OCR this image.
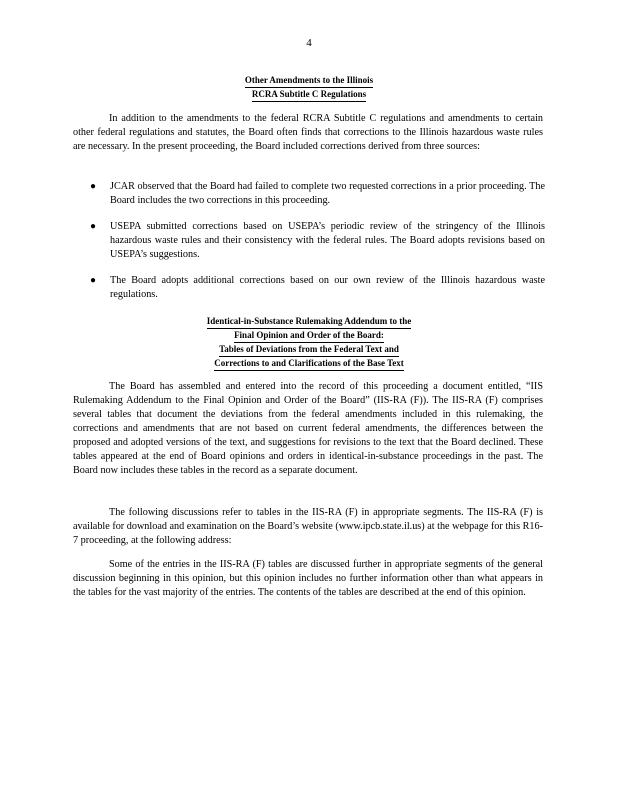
4
Other Amendments to the Illinois
RCRA Subtitle C Regulations

In addition to the amendments to the federal RCRA Subtitle C regulations and amendments to certain other federal regulations and statutes, the Board often finds that corrections to the Illinois hazardous waste rules are necessary. In the present proceeding, the Board included corrections derived from three sources:

● JCAR observed that the Board had failed to complete two requested corrections in a prior proceeding. The Board includes the two corrections in this proceeding.
● USEPA submitted corrections based on USEPA’s periodic review of the stringency of the Illinois hazardous waste rules and their consistency with the federal rules. The Board adopts revisions based on USEPA’s suggestions.
● The Board adopts additional corrections based on our own review of the Illinois hazardous waste regulations.
Identical-in-Substance Rulemaking Addendum to the
Final Opinion and Order of the Board:
Tables of Deviations from the Federal Text and
Corrections to and Clarifications of the Base Text

The Board has assembled and entered into the record of this proceeding a document entitled, “IIS Rulemaking Addendum to the Final Opinion and Order of the Board” (IIS-RA (F)). The IIS-RA (F) comprises several tables that document the deviations from the federal amendments included in this rulemaking, the corrections and amendments that are not based on current federal amendments, the differences between the proposed and adopted versions of the text, and suggestions for revisions to the text that the Board declined. These tables appeared at the end of Board opinions and orders in identical-in-substance proceedings in the past. The Board now includes these tables in the record as a separate document.

The following discussions refer to tables in the IIS-RA (F) in appropriate segments. The IIS-RA (F) is available for download and examination on the Board’s website (www.ipcb.state.il.us) at the webpage for this R16-7 proceeding, at the following address:

Some of the entries in the IIS-RA (F) tables are discussed further in appropriate segments of the general discussion beginning in this opinion, but this opinion includes no further information other than what appears in the tables for the vast majority of the entries. The contents of the tables are described at the end of this opinion.
